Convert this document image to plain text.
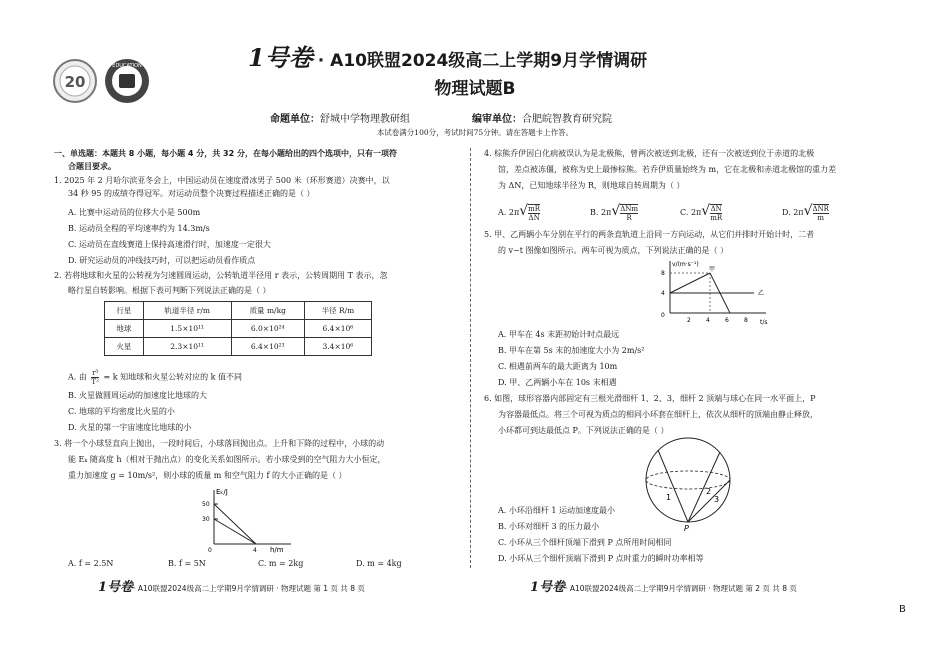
20
EDUCATION	1号卷 · A10联盟2024级高二上学期9月学情调研
物理试题B
命题单位：舒城中学物理教研组	编审单位：合肥皖智教育研究院
本试卷满分100分，考试时间75分钟。请在答题卡上作答。
一、单选题：本题共 8 小题，每小题 4 分，共 32 分，在每小题给出的四个选项中，只有一项符
合题目要求。
1. 2025 年 2 月哈尔滨亚冬会上，中国运动员在速度滑冰男子 500 米（环形赛道）决赛中，以
34 秒 95 的成绩夺得冠军。对运动员整个决赛过程描述正确的是（ ）
A. 比赛中运动员的位移大小是 500m
B. 运动员全程的平均速率约为 14.3m/s
C. 运动员在直线赛道上保持高速滑行时，加速度一定很大
D. 研究运动员的冲线技巧时，可以把运动员看作质点
2. 若将地球和火星的公转视为匀速圆周运动，公转轨道半径用 r 表示，公转周期用 T 表示，忽
略行星自转影响。根据下表可判断下列说法正确的是（ ）
行星	轨道半径 r/m	质量 m/kg	半径 R/m
地球	1.5×10¹¹	6.0×10²⁴	6.4×10⁶
火星	2.3×10¹¹	6.4×10²³	3.4×10⁶
A. 由 $\frac{\text{r³}}{\text{T²}} = k$ 知地球和火星公转对应的 k 值不同
B. 火星做圆周运动的加速度比地球的大
C. 地球的平均密度比火星的小
D. 火星的第一宇宙速度比地球的小
3. 将一个小球竖直向上抛出，一段时间后，小球落回抛出点。上升和下降的过程中，小球的动
能 Eₖ 随高度 h（相对于抛出点）的变化关系如图所示。若小球受到的空气阻力大小恒定，
重力加速度 g = 10m/s²，则小球的质量 m 和空气阻力 f 的大小正确的是（ ）
Eₖ/J
h/m
50
30
0	4
A. f = 2.5N	B. f = 5N	C. m = 2kg	D. m = 4kg
1号卷· A10联盟2024级高二上学期9月学情调研 · 物理试题 第 1 页 共 8 页
4. 棕熊乔伊因白化病被误认为是北极熊，曾两次被送到北极，还有一次被送到位于赤道的北极
馆，差点被冻僵，被称为史上最惨棕熊。若乔伊质量始终为 m，它在北极和赤道北极馆的重力差
为 ΔN，已知地球半径为 R，则地球自转周期为（ ）
A. $2\pi√ \frac{mR}{\Delta N}$	B. 2π√ ΔNm
R
C. $2\pi√ \frac{\Delta N}{mR}$	D. 2π√ ΔNR
m
5. 甲、乙两辆小车分别在平行的两条直轨道上沿同一方向运动，从它们并排时开始计时，二者
的 v−t 图像如图所示。两车可视为质点，下列说法正确的是（ ）
v/(m·s⁻¹)
t/s
8
4
0
2	4	6	8
甲
乙
A. 甲车在 4s 末距初始计时点最远
B. 甲车在第 5s 末的加速度大小为 2m/s²
C. 相遇前两车的最大距离为 10m
D. 甲、乙两辆小车在 10s 末相遇
6. 如图，球形容器内部固定有三根光滑细杆 1、2、3，细杆 2 顶端与球心在同一水平面上，P
为容器最低点。将三个可视为质点的相同小环套在细杆上，依次从细杆的顶端由静止释放，
小环都可到达最低点 P。下列说法正确的是（ ）
1
2
3
P
A. 小环沿细杆 1 运动加速度最小
B. 小环对细杆 3 的压力最小
C. 小环从三个细杆顶端下滑到 P 点所用时间相同
D. 小环从三个细杆顶端下滑到 P 点时重力的瞬时功率相等
1号卷· A10联盟2024级高二上学期9月学情调研 · 物理试题 第 2 页 共 8 页
B
